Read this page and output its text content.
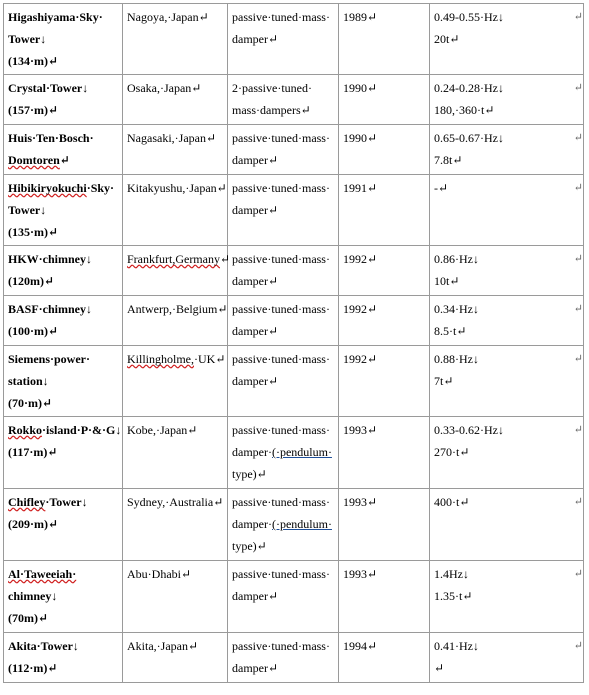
Higashiyama·Sky·
Tower↓
(134·m)↵	Nagoya,·Japan↵	passive·tuned·mass·
damper↵	1989↵	0.49-0.55·Hz↓
20t↵
↵

Crystal·Tower↓
(157·m)↵	Osaka,·Japan↵	2·passive·tuned·
mass·dampers↵	1990↵	0.24-0.28·Hz↓
180,·360·t↵
↵

Huis·Ten·Bosch·
Domtoren↵	Nagasaki,·Japan↵	passive·tuned·mass·
damper↵	1990↵	0.65-0.67·Hz↓
7.8t↵
↵

Hibikiryokuchi·Sky·
Tower↓
(135·m)↵	Kitakyushu,·Japan↵	passive·tuned·mass·
damper↵	1991↵	-↵ ↵

HKW·chimney↓
(120m)↵	Frankfurt,Germany↵	passive·tuned·mass·
damper↵	1992↵	0.86·Hz↓
10t↵
↵

BASF·chimney↓
(100·m)↵	Antwerp,·Belgium↵	passive·tuned·mass·
damper↵	1992↵	0.34·Hz↓
8.5·t↵
↵

Siemens·power·
station↓
(70·m)↵	Killingholme,·UK↵	passive·tuned·mass·
damper↵	1992↵	0.88·Hz↓
7t↵
↵

Rokko·island·P·&·G↓
(117·m)↵	Kobe,·Japan↵	passive·tuned·mass·
damper·(·pendulum·
type)↵	1993↵	0.33-0.62·Hz↓
270·t↵
↵

Chifley·Tower↓
(209·m)↵	Sydney,·Australia↵	passive·tuned·mass·
damper·(·pendulum·
type)↵	1993↵	400·t↵ ↵

Al·Taweeiah·
chimney↓
(70m)↵	Abu·Dhabi↵	passive·tuned·mass·
damper↵	1993↵	1.4Hz↓
1.35·t↵
↵

Akita·Tower↓
(112·m)↵	Akita,·Japan↵	passive·tuned·mass·
damper↵	1994↵	0.41·Hz↓
↵
↵
